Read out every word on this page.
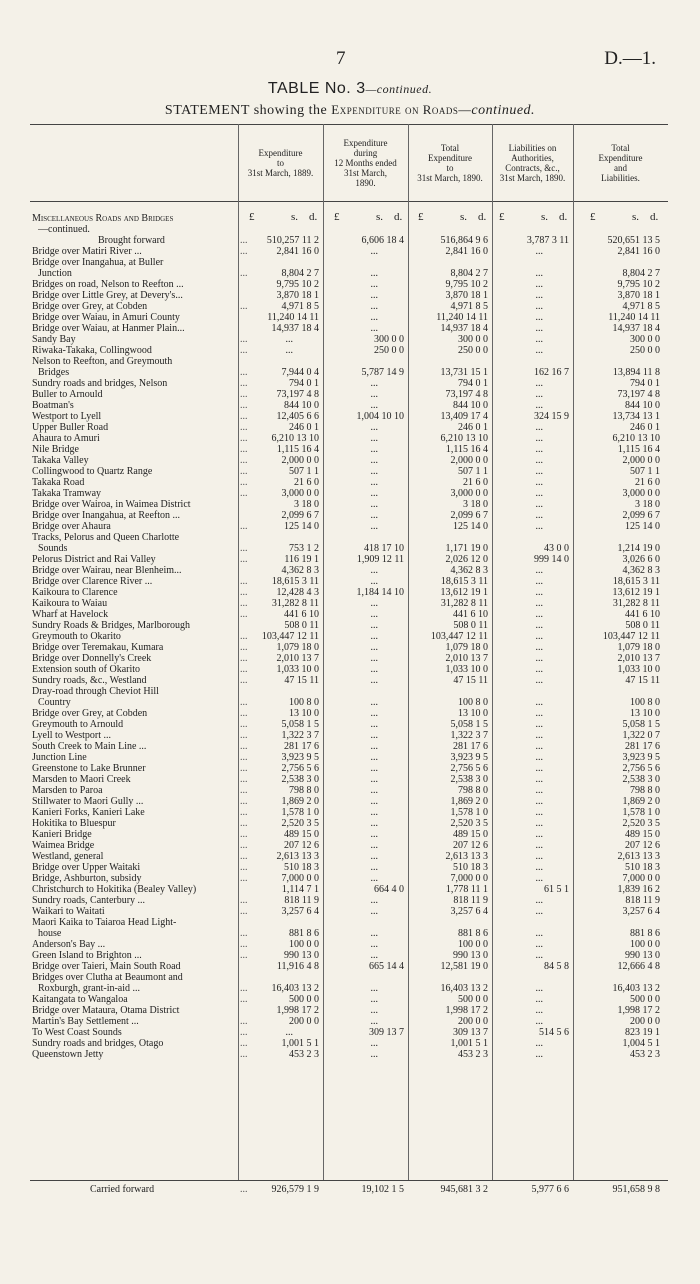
7	D.—1.
TABLE No. 3—continued.
STATEMENT showing the Expenditure on Roads—continued.
Expenditure
to
31st March, 1889.
Expenditure
during
12 Months ended
31st March,
1890.
Total
Expenditure
to
31st March, 1890.
Liabilities on
Authorities,
Contracts, &c.,
31st March, 1890.
Total
Expenditure
and
Liabilities.
£	s. d. £	s. d. £	s. d. £	s. d. £	s. d.
Miscellaneous Roads and Bridges
—continued.
Brought forward	... 510,257 11 2	6,606 18 4	516,864 9 6	3,787 3 11	520,651 13 5
Bridge over Matiri River ...	...	2,841 16 0	...	2,841 16 0	...	2,841 16 0
Bridge over Inangahua, at Buller
Junction	...	8,804 2 7	...	8,804 2 7	...	8,804 2 7
Bridges on road, Nelson to Reefton ...	9,795 10 2	...	9,795 10 2	...	9,795 10 2
Bridge over Little Grey, at Devery's...	3,870 18 1	...	3,870 18 1	...	3,870 18 1
Bridge over Grey, at Cobden	...	4,971 8 5	...	4,971 8 5	...	4,971 8 5
Bridge over Waiau, in Amuri County	11,240 14 11	...	11,240 14 11	...	11,240 14 11
Bridge over Waiau, at Hanmer Plain...	14,937 18 4	...	14,937 18 4	...	14,937 18 4
Sandy Bay	...	...	300 0 0	300 0 0	...	300 0 0
Riwaka-Takaka, Collingwood	...	...	250 0 0	250 0 0	...	250 0 0
Nelson to Reefton, and Greymouth
Bridges	...	7,944 0 4	5,787 14 9	13,731 15 1	162 16 7	13,894 11 8
Sundry roads and bridges, Nelson	...	794 0 1	...	794 0 1	...	794 0 1
Buller to Arnould	...	73,197 4 8	...	73,197 4 8	...	73,197 4 8
Boatman's	...	844 10 0	...	844 10 0	...	844 10 0
Westport to Lyell	...	12,405 6 6	1,004 10 10	13,409 17 4	324 15 9	13,734 13 1
Upper Buller Road	...	246 0 1	...	246 0 1	...	246 0 1
Ahaura to Amuri	... 6,210 13 10	...	6,210 13 10	...	6,210 13 10
Nile Bridge	...	1,115 16 4	...	1,115 16 4	...	1,115 16 4
Takaka Valley	...	2,000 0 0	...	2,000 0 0	...	2,000 0 0
Collingwood to Quartz Range	...	507 1 1	...	507 1 1	...	507 1 1
Takaka Road	...	21 6 0	...	21 6 0	...	21 6 0
Takaka Tramway	...	3,000 0 0	...	3,000 0 0	...	3,000 0 0
Bridge over Wairoa, in Waimea District	3 18 0	...	3 18 0	...	3 18 0
Bridge over Inangahua, at Reefton ...	2,099 6 7	...	2,099 6 7	...	2,099 6 7
Bridge over Ahaura	...	125 14 0	...	125 14 0	...	125 14 0
Tracks, Pelorus and Queen Charlotte
Sounds	...	753 1 2	418 17 10	1,171 19 0	43 0 0	1,214 19 0
Pelorus District and Rai Valley	...	116 19 1	1,909 12 11	2,026 12 0	999 14 0	3,026 6 0
Bridge over Wairau, near Blenheim...	4,362 8 3	...	4,362 8 3	...	4,362 8 3
Bridge over Clarence River ...	... 18,615 3 11	...	18,615 3 11	...	18,615 3 11
Kaikoura to Clarence	...	12,428 4 3	1,184 14 10	13,612 19 1	...	13,612 19 1
Kaikoura to Waiau	... 31,282 8 11	...	31,282 8 11	...	31,282 8 11
Wharf at Havelock	...	441 6 10	...	441 6 10	...	441 6 10
Sundry Roads & Bridges, Marlborough	508 0 11	...	508 0 11	...	508 0 11
Greymouth to Okarito	... 103,447 12 11	...	103,447 12 11	...	103,447 12 11
Bridge over Teremakau, Kumara	...	1,079 18 0	...	1,079 18 0	...	1,079 18 0
Bridge over Donnelly's Creek	...	2,010 13 7	...	2,010 13 7	...	2,010 13 7
Extension south of Okarito	...	1,033 10 0	...	1,033 10 0	...	1,033 10 0
Sundry roads, &c., Westland	...	47 15 11	...	47 15 11	...	47 15 11
Dray-road through Cheviot Hill
Country	...	100 8 0	...	100 8 0	...	100 8 0
Bridge over Grey, at Cobden	...	13 10 0	...	13 10 0	...	13 10 0
Greymouth to Arnould	...	5,058 1 5	...	5,058 1 5	...	5,058 1 5
Lyell to Westport ...	...	1,322 3 7	...	1,322 3 7	...	1,322 0 7
South Creek to Main Line ...	...	281 17 6	...	281 17 6	...	281 17 6
Junction Line	...	3,923 9 5	...	3,923 9 5	...	3,923 9 5
Greenstone to Lake Brunner	...	2,756 5 6	...	2,756 5 6	...	2,756 5 6
Marsden to Maori Creek	...	2,538 3 0	...	2,538 3 0	...	2,538 3 0
Marsden to Paroa	...	798 8 0	...	798 8 0	...	798 8 0
Stillwater to Maori Gully ...	...	1,869 2 0	...	1,869 2 0	...	1,869 2 0
Kanieri Forks, Kanieri Lake	...	1,578 1 0	...	1,578 1 0	...	1,578 1 0
Hokitika to Bluespur	...	2,520 3 5	...	2,520 3 5	...	2,520 3 5
Kanieri Bridge	...	489 15 0	...	489 15 0	...	489 15 0
Waimea Bridge	...	207 12 6	...	207 12 6	...	207 12 6
Westland, general	...	2,613 13 3	...	2,613 13 3	...	2,613 13 3
Bridge over Upper Waitaki	...	510 18 3	...	510 18 3	...	510 18 3
Bridge, Ashburton, subsidy	...	7,000 0 0	...	7,000 0 0	...	7,000 0 0
Christchurch to Hokitika (Bealey Valley)	1,114 7 1	664 4 0	1,778 11 1	61 5 1	1,839 16 2
Sundry roads, Canterbury ...	...	818 11 9	...	818 11 9	...	818 11 9
Waikari to Waitati	...	3,257 6 4	...	3,257 6 4	...	3,257 6 4
Maori Kaika to Taiaroa Head Light-
house	...	881 8 6	...	881 8 6	...	881 8 6
Anderson's Bay ...	...	100 0 0	...	100 0 0	...	100 0 0
Green Island to Brighton ...	...	990 13 0	...	990 13 0	...	990 13 0
Bridge over Taieri, Main South Road	11,916 4 8	665 14 4	12,581 19 0	84 5 8	12,666 4 8
Bridges over Clutha at Beaumont and
Roxburgh, grant-in-aid ...	... 16,403 13 2	...	16,403 13 2	...	16,403 13 2
Kaitangata to Wangaloa	...	500 0 0	...	500 0 0	...	500 0 0
Bridge over Mataura, Otama District	1,998 17 2	...	1,998 17 2	...	1,998 17 2
Martin's Bay Settlement ...	...	200 0 0	...	200 0 0	...	200 0 0
To West Coast Sounds	...	...	309 13 7	309 13 7	514 5 6	823 19 1
Sundry roads and bridges, Otago	...	1,001 5 1	...	1,001 5 1	...	1,004 5 1
Queenstown Jetty	...	453 2 3	...	453 2 3	...	453 2 3
Carried forward	... 926,579 1 9	19,102 1 5	945,681 3 2	5,977 6 6	951,658 9 8
